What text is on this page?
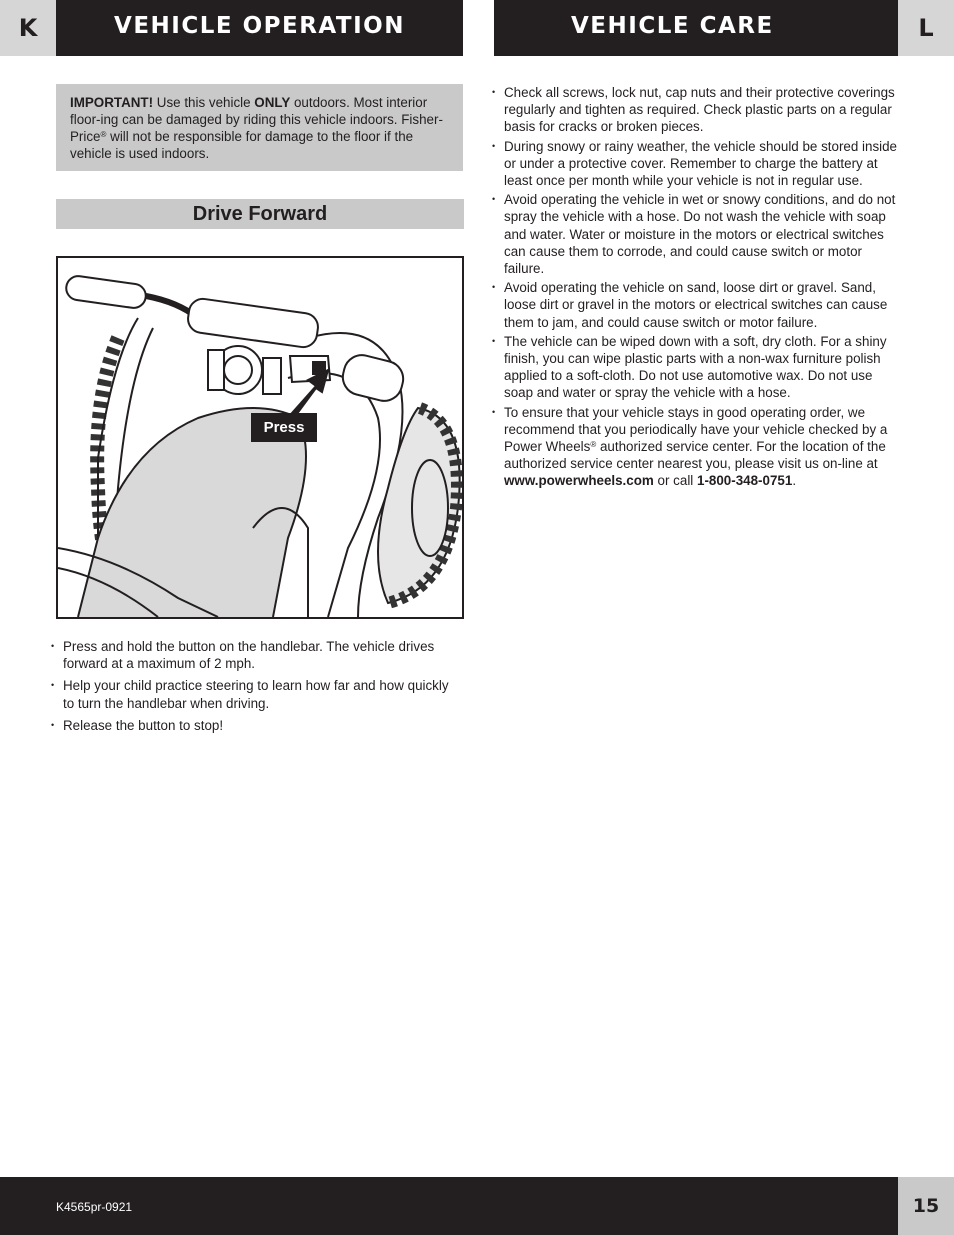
K	VEHICLE OPERATION	VEHICLE CARE	L
IMPORTANT! Use this vehicle ONLY outdoors. Most interior floor-ing can be damaged by riding this vehicle indoors. Fisher-Price® will not be responsible for damage to the floor if the vehicle is used indoors.
Drive Forward
Press
• Press and hold the button on the handlebar. The vehicle drives forward at a maximum of 2 mph.
• Help your child practice steering to learn how far and how quickly to turn the handlebar when driving.
• Release the button to stop!
• Check all screws, lock nut, cap nuts and their protective coverings regularly and tighten as required. Check plastic parts on a regular basis for cracks or broken pieces.
• During snowy or rainy weather, the vehicle should be stored inside or under a protective cover. Remember to charge the battery at least once per month while your vehicle is not in regular use.
• Avoid operating the vehicle in wet or snowy conditions, and do not spray the vehicle with a hose. Do not wash the vehicle with soap and water. Water or moisture in the motors or electrical switches can cause them to corrode, and could cause switch or motor failure.
• Avoid operating the vehicle on sand, loose dirt or gravel. Sand, loose dirt or gravel in the motors or electrical switches can cause them to jam, and could cause switch or motor failure.
• The vehicle can be wiped down with a soft, dry cloth. For a shiny finish, you can wipe plastic parts with a non-wax furniture polish applied to a soft-cloth. Do not use automotive wax. Do not use soap and water or spray the vehicle with a hose.
• To ensure that your vehicle stays in good operating order, we recommend that you periodically have your vehicle checked by a Power Wheels® authorized service center. For the location of the authorized service center nearest you, please visit us on-line at www.powerwheels.com or call 1-800-348-0751.
K4565pr-0921	15
